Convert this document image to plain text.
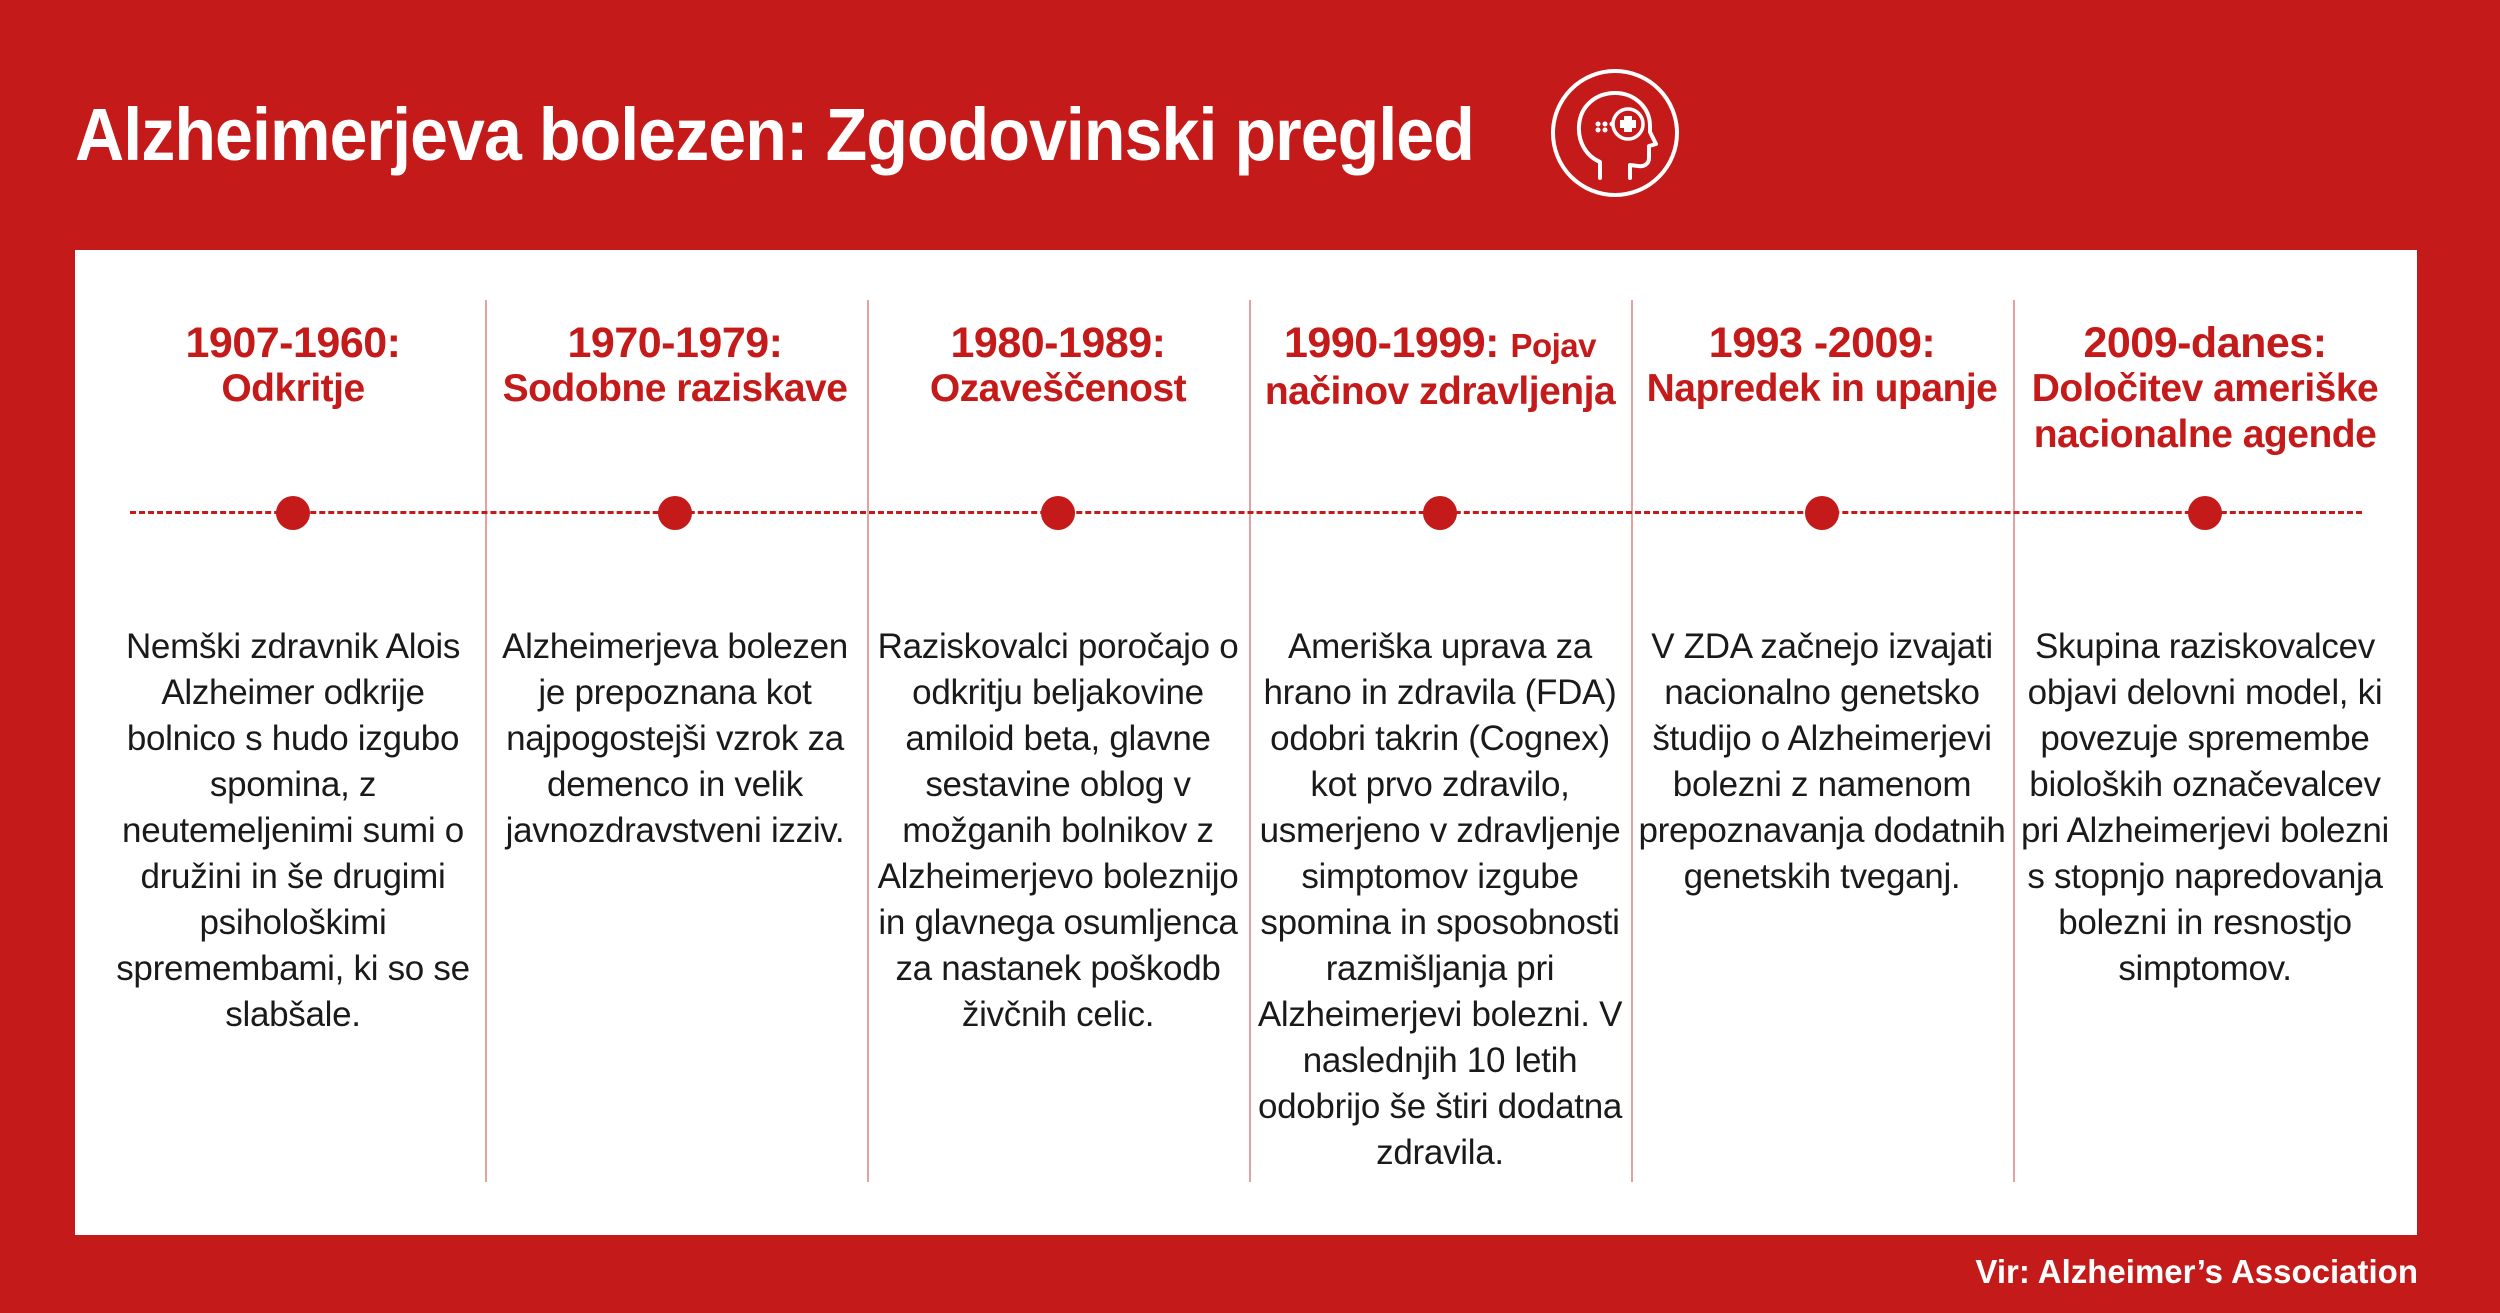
Alzheimerjeva bolezen: Zgodovinski pregled
1907-1960:
Odkritje
Nemški zdravnik Alois Alzheimer odkrije bolnico s hudo izgubo spomina, z neutemeljenimi sumi o družini in še drugimi psihološkimi spremembami, ki so se slabšale.
1970-1979:
Sodobne raziskave
Alzheimerjeva bolezen je prepoznana kot najpogostejši vzrok za demenco in velik javnozdravstveni izziv.
1980-1989:
Ozaveščenost
Raziskovalci poročajo o odkritju beljakovine amiloid beta, glavne sestavine oblog v možganih bolnikov z Alzheimerjevo boleznijo in glavnega osumljenca za nastanek poškodb živčnih celic.
1990-1999: Pojav
načinov zdravljenja
Ameriška uprava za hrano in zdravila (FDA) odobri takrin (Cognex) kot prvo zdravilo, usmerjeno v zdravljenje simptomov izgube spomina in sposobnosti razmišljanja pri Alzheimerjevi bolezni. V naslednjih 10 letih odobrijo še štiri dodatna zdravila.
1993 -2009:
Napredek in upanje
V ZDA začnejo izvajati nacionalno genetsko študijo o Alzheimerjevi bolezni z namenom prepoznavanja dodatnih genetskih tveganj.
2009-danes:
Določitev ameriške nacionalne agende
Skupina raziskovalcev objavi delovni model, ki povezuje spremembe bioloških označevalcev pri Alzheimerjevi bolezni s stopnjo napredovanja bolezni in resnostjo simptomov.
Vir: Alzheimer’s Association
